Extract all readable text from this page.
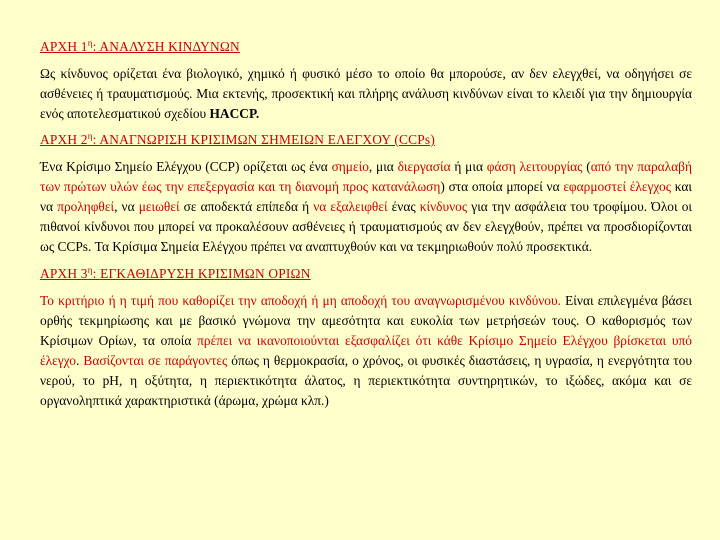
ΑΡΧΗ $1^\eta$: ΑΝΑΛΥΣΗ ΚΙΝΔΥΝΩΝ

Ως κίνδυνος ορίζεται ένα βιολογικό, χημικό ή φυσικό μέσο το οποίο θα μπορούσε, αν δεν ελεγχθεί, να οδηγήσει σε ασθένειες ή τραυματισμούς. Μια εκτενής, προσεκτική και πλήρης ανάλυση κινδύνων είναι το κλειδί για την δημιουργία ενός αποτελεσματικού σχεδίου HACCP.

ΑΡΧΗ $2^\eta$: ΑΝΑΓΝΩΡΙΣΗ ΚΡΙΣΙΜΩΝ ΣΗΜΕΙΩΝ ΕΛΕΓΧΟΥ (CCPs)

Ένα Κρίσιμο Σημείο Ελέγχου (CCP) ορίζεται ως ένα σημείο, μια διεργασία ή μια φάση λειτουργίας (από την παραλαβή των πρώτων υλών έως την επεξεργασία και τη διανομή προς κατανάλωση) στα οποία μπορεί να εφαρμοστεί έλεγχος και να προληφθεί, να μειωθεί σε αποδεκτά επίπεδα ή να εξαλειφθεί ένας κίνδυνος για την ασφάλεια του τροφίμου. Όλοι οι πιθανοί κίνδυνοι που μπορεί να προκαλέσουν ασθένειες ή τραυματισμούς αν δεν ελεγχθούν, πρέπει να προσδιορίζονται ως CCPs. Τα Κρίσιμα Σημεία Ελέγχου πρέπει να αναπτυχθούν και να τεκμηριωθούν πολύ προσεκτικά.

ΑΡΧΗ $3^\eta$: ΕΓΚΑΘΙΔΡΥΣΗ ΚΡΙΣΙΜΩΝ ΟΡΙΩΝ

Το κριτήριο ή η τιμή που καθορίζει την αποδοχή ή μη αποδοχή του αναγνωρισμένου κινδύνου. Είναι επιλεγμένα βάσει ορθής τεκμηρίωσης και με βασικό γνώμονα την αμεσότητα και ευκολία των μετρήσεών τους. Ο καθορισμός των Κρίσιμων Ορίων, τα οποία πρέπει να ικανοποιούνται εξασφαλίζει ότι κάθε Κρίσιμο Σημείο Ελέγχου βρίσκεται υπό έλεγχο. Βασίζονται σε παράγοντες όπως η θερμοκρασία, ο χρόνος, οι φυσικές διαστάσεις, η υγρασία, η ενεργότητα του νερού, το pH, η οξύτητα, η περιεκτικότητα άλατος, η περιεκτικότητα συντηρητικών, το ιξώδες, ακόμα και σε οργανοληπτικά χαρακτηριστικά (άρωμα, χρώμα κλπ.)
